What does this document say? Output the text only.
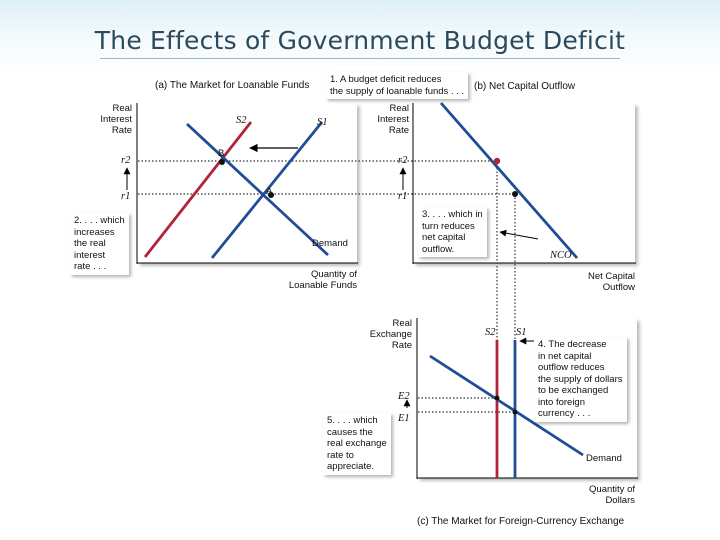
The Effects of Government Budget Deficit
(a) The Market for Loanable Funds	(b) Net Capital Outflow
(c) The Market for Foreign-Currency Exchange
Real
Interest
Rate
Quantity of
Loanable Funds
r2
r1
S2	S1
B
A
Demand
Real
Interest
Rate
Net Capital
Outflow
r2
r1
NCO
Real
Exchange
Rate
Quantity of
Dollars
E2
E1
S2 S1
Demand
1. A budget deficit reduces
the supply of loanable funds . . .
2. . . . which
increases
the real
interest
rate . . .
3. . . . which in
turn reduces
net capital
outflow.
4. The decrease
in net capital
outflow reduces
the supply of dollars
to be exchanged
into foreign
currency . . .
5. . . . which
causes the
real exchange
rate to
appreciate.
